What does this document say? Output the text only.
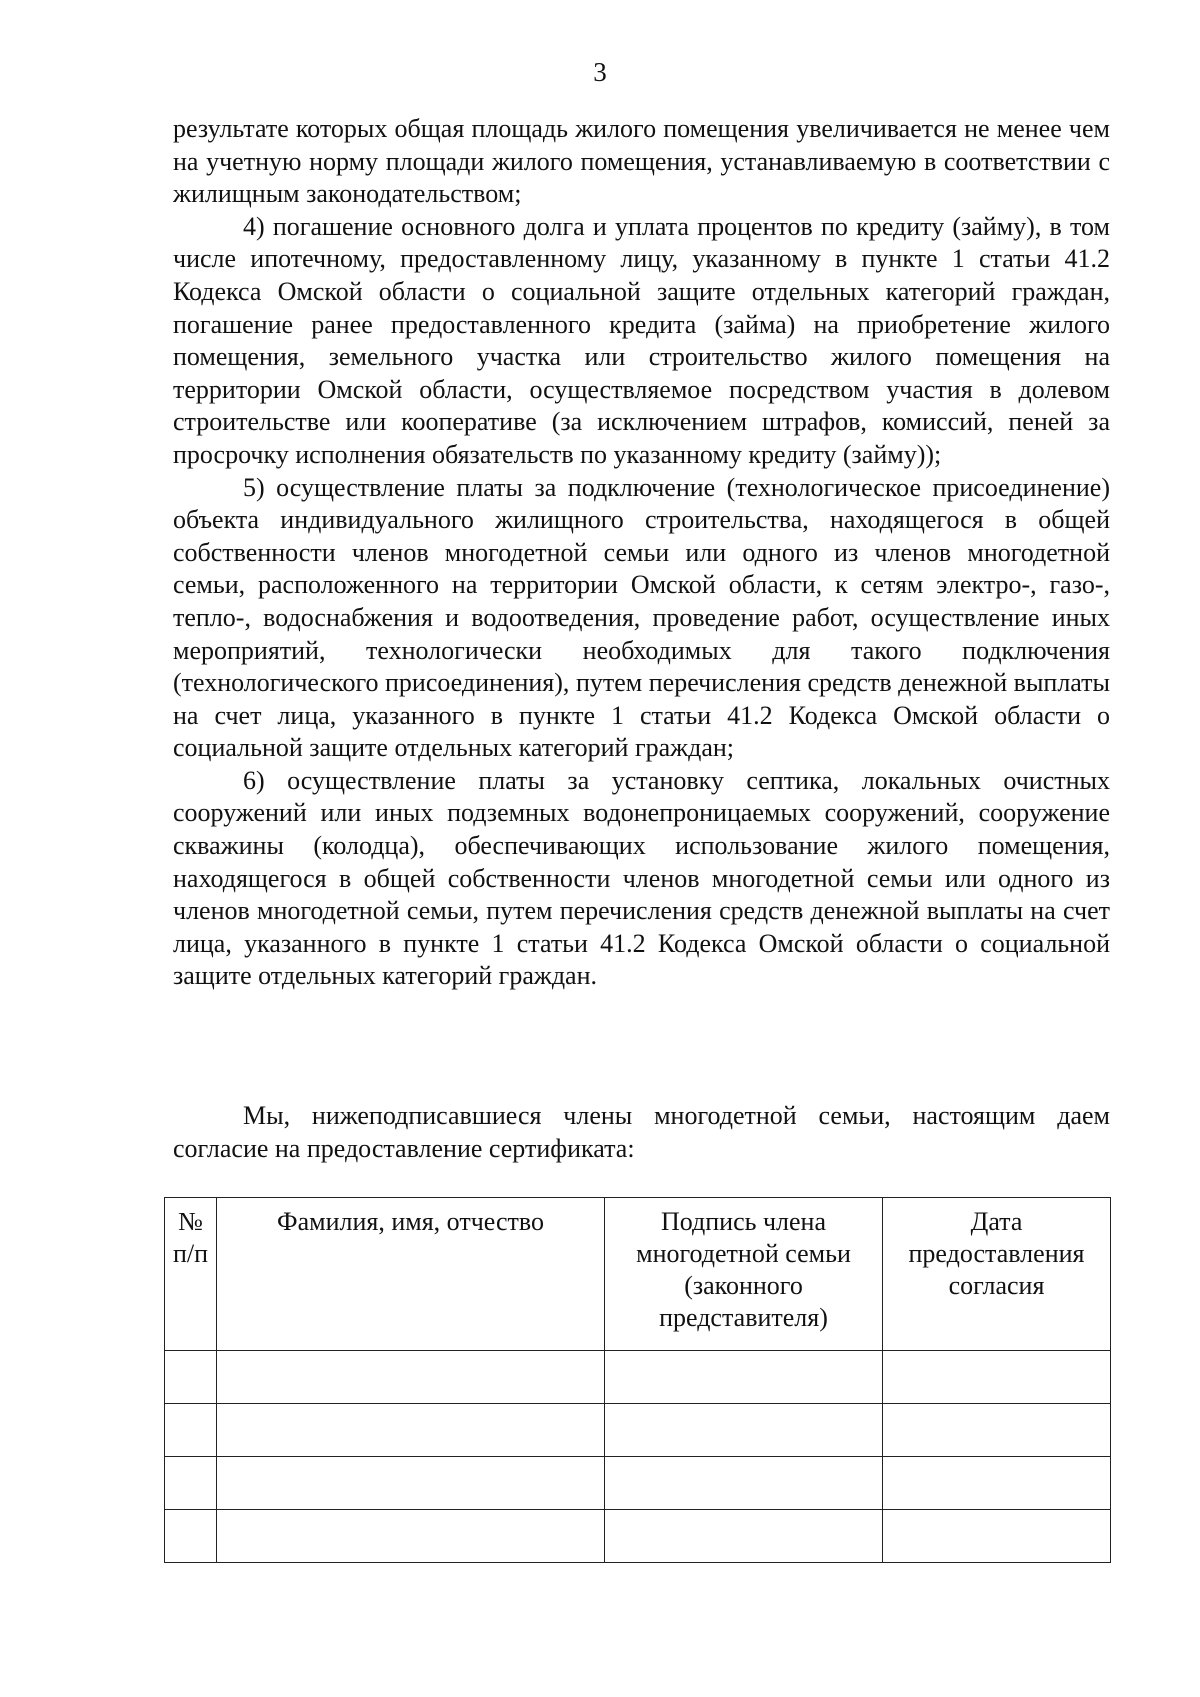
3

результате которых общая площадь жилого помещения увеличивается не менее чем на учетную норму площади жилого помещения, устанавливаемую в соответствии с жилищным законодательством;

4) погашение основного долга и уплата процентов по кредиту (займу), в том числе ипотечному, предоставленному лицу, указанному в пункте 1 статьи 41.2 Кодекса Омской области о социальной защите отдельных категорий граждан, погашение ранее предоставленного кредита (займа) на приобретение жилого помещения, земельного участка или строительство жилого помещения на территории Омской области, осуществляемое посредством участия в долевом строительстве или кооперативе (за исключением штрафов, комиссий, пеней за просрочку исполнения обязательств по указанному кредиту (займу));

5) осуществление платы за подключение (технологическое присоединение) объекта индивидуального жилищного строительства, находящегося в общей собственности членов многодетной семьи или одного из членов многодетной семьи, расположенного на территории Омской области, к сетям электро-, газо-, тепло-, водоснабжения и водоотведения, проведение работ, осуществление иных мероприятий, технологически необходимых для такого подключения (технологического присоединения), путем перечисления средств денежной выплаты на счет лица, указанного в пункте 1 статьи 41.2 Кодекса Омской области о социальной защите отдельных категорий граждан;

6) осуществление платы за установку септика, локальных очистных сооружений или иных подземных водонепроницаемых сооружений, сооружение скважины (колодца), обеспечивающих использование жилого помещения, находящегося в общей собственности членов многодетной семьи или одного из членов многодетной семьи, путем перечисления средств денежной выплаты на счет лица, указанного в пункте 1 статьи 41.2 Кодекса Омской области о социальной защите отдельных категорий граждан.

Мы, нижеподписавшиеся члены многодетной семьи, настоящим даем согласие на предоставление сертификата:

№ п/п	Фамилия, имя, отчество	Подпись члена многодетной семьи (законного представителя)	Дата предоставления согласия
